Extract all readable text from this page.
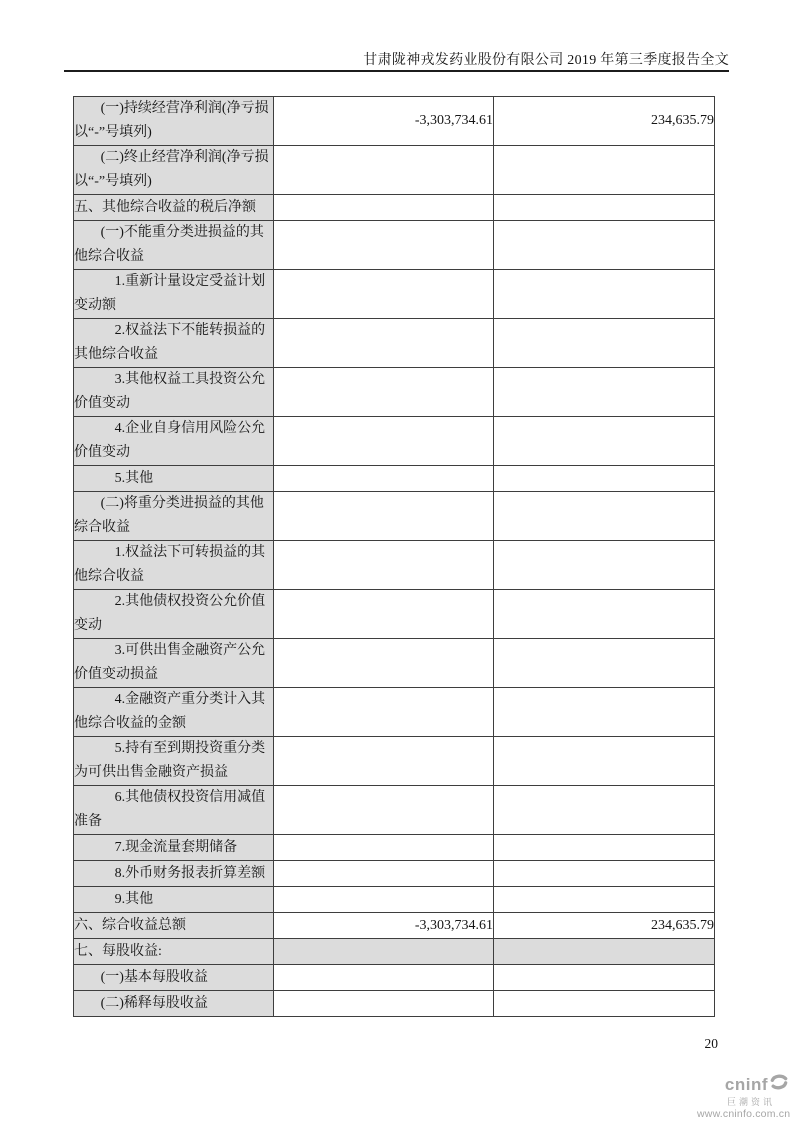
甘肃陇神戎发药业股份有限公司 2019 年第三季度报告全文
(一)持续经营净利润(净亏损以“-”号填列)	-3,303,734.61	234,635.79
(二)终止经营净利润(净亏损以“-”号填列)		
五、其他综合收益的税后净额		
(一)不能重分类进损益的其他综合收益		
1.重新计量设定受益计划变动额		
2.权益法下不能转损益的其他综合收益		
3.其他权益工具投资公允价值变动		
4.企业自身信用风险公允价值变动		
5.其他		
(二)将重分类进损益的其他综合收益		
1.权益法下可转损益的其他综合收益		
2.其他债权投资公允价值变动		
3.可供出售金融资产公允价值变动损益		
4.金融资产重分类计入其他综合收益的金额		
5.持有至到期投资重分类为可供出售金融资产损益		
6.其他债权投资信用减值准备		
7.现金流量套期储备		
8.外币财务报表折算差额		
9.其他		
六、综合收益总额	-3,303,734.61	234,635.79
七、每股收益:		
(一)基本每股收益		
(二)稀释每股收益		
20
cninf
巨潮资讯
www.cninfo.com.cn
